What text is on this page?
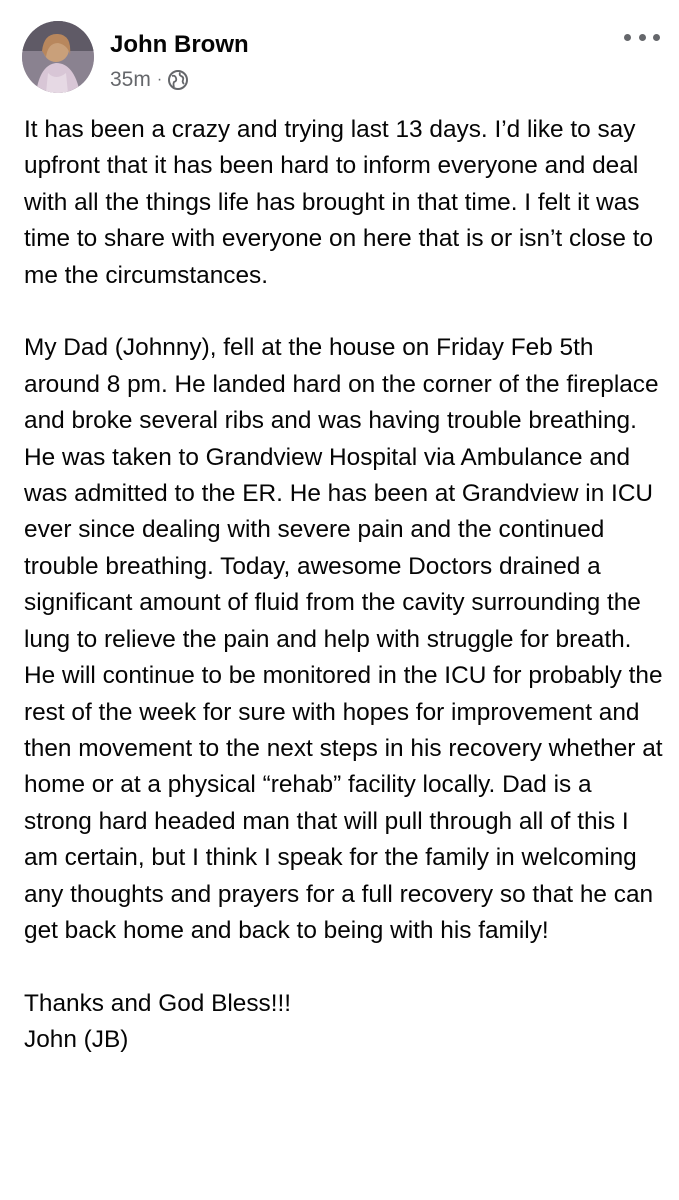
John Brown
35m ·
It has been a crazy and trying last 13 days. I’d like to say upfront that it has been hard to inform everyone and deal with all the things life has brought in that time. I felt it was time to share with everyone on here that is or isn’t close to me the circumstances.

My Dad (Johnny), fell at the house on Friday Feb 5th around 8 pm. He landed hard on the corner of the fireplace and broke several ribs and was having trouble breathing. He was taken to Grandview Hospital via Ambulance and was admitted to the ER. He has been at Grandview in ICU ever since dealing with severe pain and the continued trouble breathing. Today, awesome Doctors drained a significant amount of fluid from the cavity surrounding the lung to relieve the pain and help with struggle for breath. He will continue to be monitored in the ICU for probably the rest of the week for sure with hopes for improvement and then movement to the next steps in his recovery whether at home or at a physical “rehab” facility locally. Dad is a strong hard headed man that will pull through all of this I am certain, but I think I speak for the family in welcoming any thoughts and prayers for a full recovery so that he can get back home and back to being with his family!

Thanks and God Bless!!!
John (JB)
